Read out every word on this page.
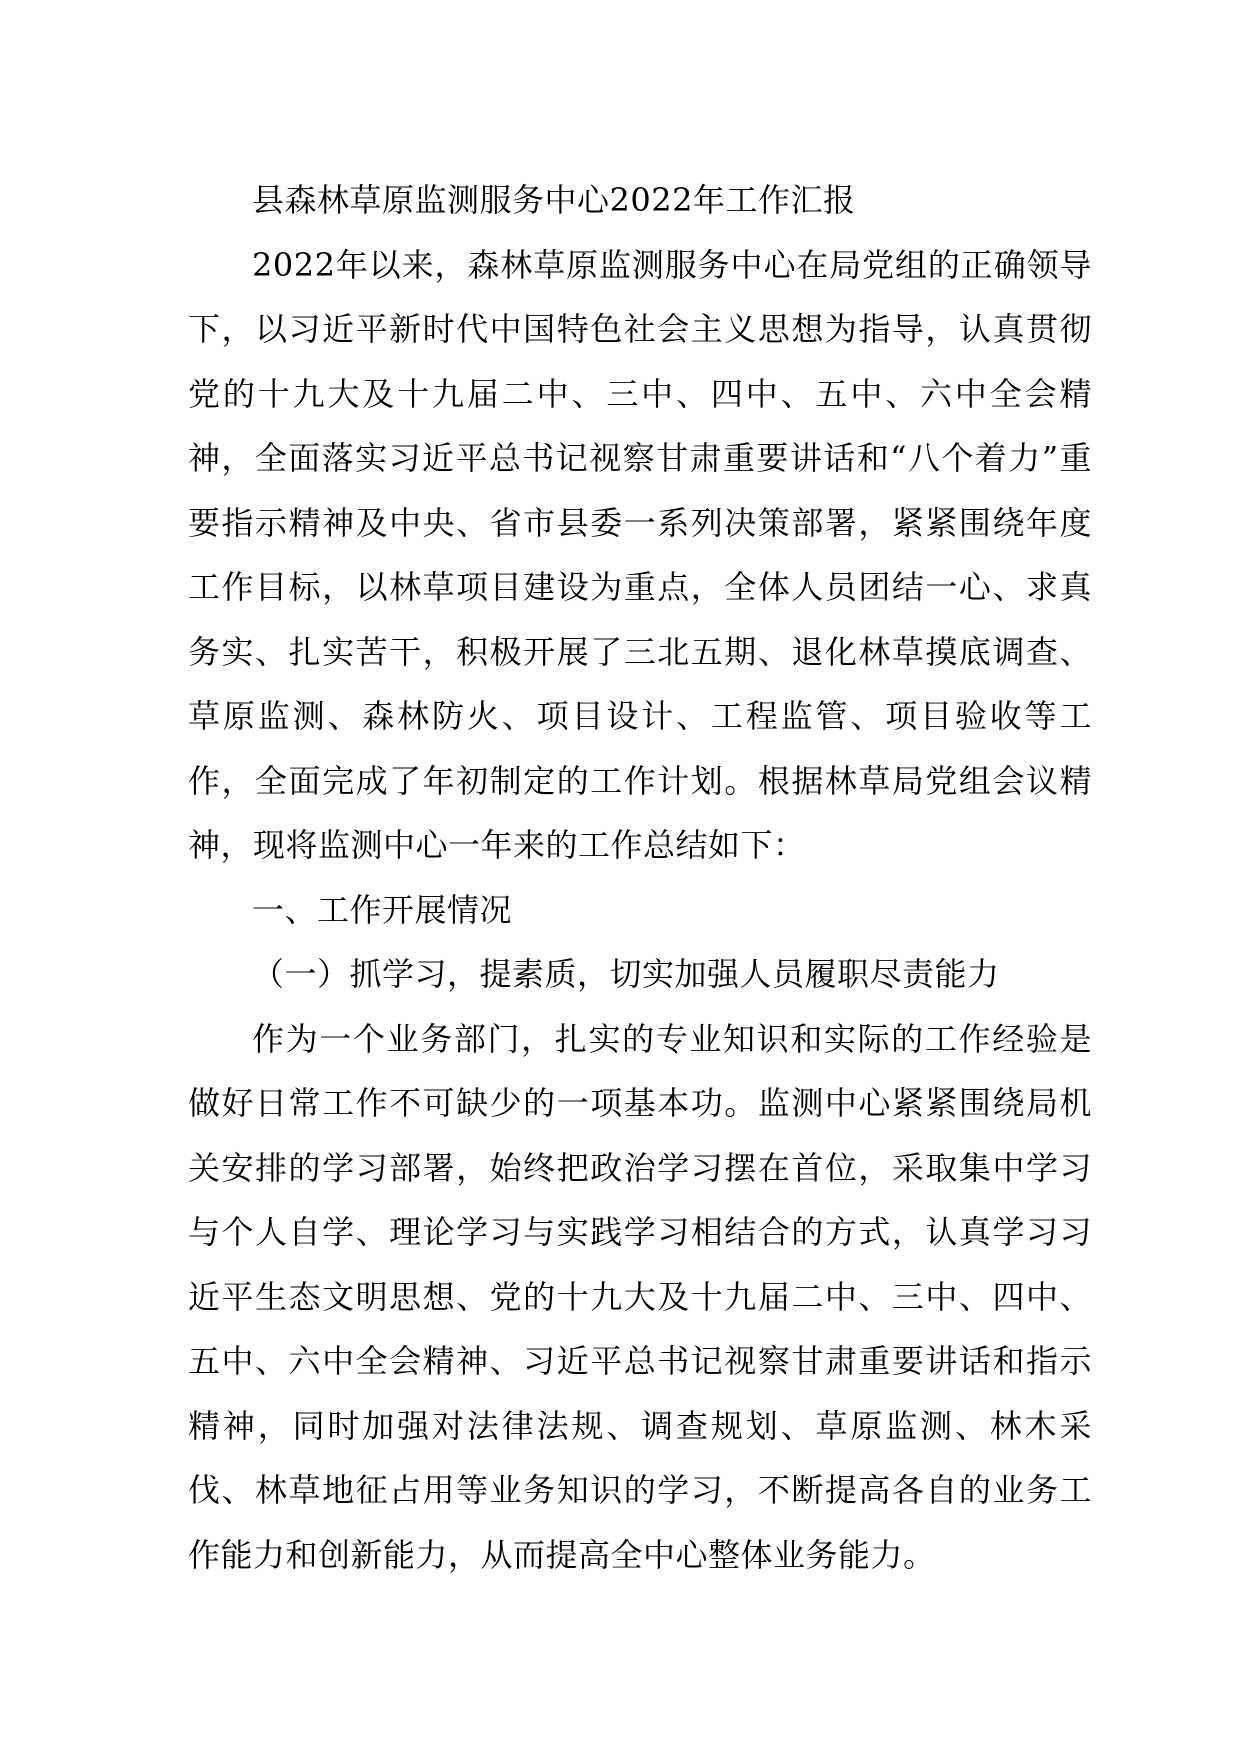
县森林草原监测服务中心2022年工作汇报

2022年以来，森林草原监测服务中心在局党组的正确领导下，以习近平新时代中国特色社会主义思想为指导，认真贯彻党的十九大及十九届二中、三中、四中、五中、六中全会精神，全面落实习近平总书记视察甘肃重要讲话和“八个着力”重要指示精神及中央、省市县委一系列决策部署，紧紧围绕年度工作目标，以林草项目建设为重点，全体人员团结一心、求真务实、扎实苦干，积极开展了三北五期、退化林草摸底调查、草原监测、森林防火、项目设计、工程监管、项目验收等工作，全面完成了年初制定的工作计划。根据林草局党组会议精神，现将监测中心一年来的工作总结如下：

一、工作开展情况

（一）抓学习，提素质，切实加强人员履职尽责能力

作为一个业务部门，扎实的专业知识和实际的工作经验是做好日常工作不可缺少的一项基本功。监测中心紧紧围绕局机关安排的学习部署，始终把政治学习摆在首位，采取集中学习与个人自学、理论学习与实践学习相结合的方式，认真学习习近平生态文明思想、党的十九大及十九届二中、三中、四中、五中、六中全会精神、习近平总书记视察甘肃重要讲话和指示精神，同时加强对法律法规、调查规划、草原监测、林木采伐、林草地征占用等业务知识的学习，不断提高各自的业务工作能力和创新能力，从而提高全中心整体业务能力。
